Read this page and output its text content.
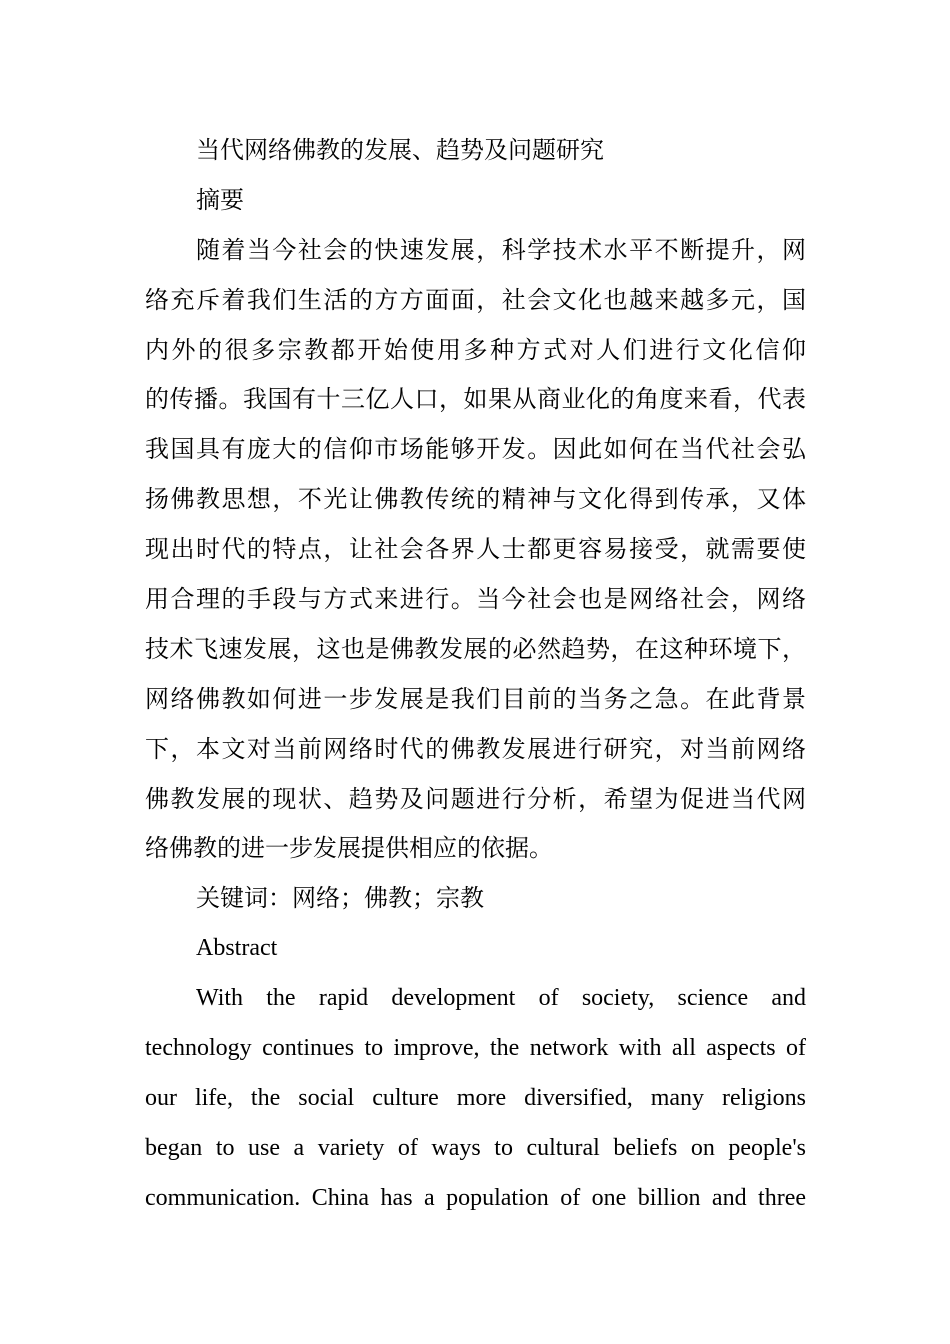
当代网络佛教的发展、趋势及问题研究

摘要

随着当今社会的快速发展，科学技术水平不断提升，网

络充斥着我们生活的方方面面，社会文化也越来越多元，国

内外的很多宗教都开始使用多种方式对人们进行文化信仰

的传播。我国有十三亿人口，如果从商业化的角度来看，代表

我国具有庞大的信仰市场能够开发。因此如何在当代社会弘

扬佛教思想，不光让佛教传统的精神与文化得到传承，又体

现出时代的特点，让社会各界人士都更容易接受，就需要使

用合理的手段与方式来进行。当今社会也是网络社会，网络

技术飞速发展，这也是佛教发展的必然趋势，在这种环境下，

网络佛教如何进一步发展是我们目前的当务之急。在此背景

下，本文对当前网络时代的佛教发展进行研究，对当前网络

佛教发展的现状、趋势及问题进行分析，希望为促进当代网

络佛教的进一步发展提供相应的依据。

关键词：网络；佛教；宗教

Abstract

With the rapid development of society, science and

technology continues to improve, the network with all aspects of

our life, the social culture more diversified, many religions

began to use a variety of ways to cultural beliefs on people's

communication. China has a population of one billion and three
